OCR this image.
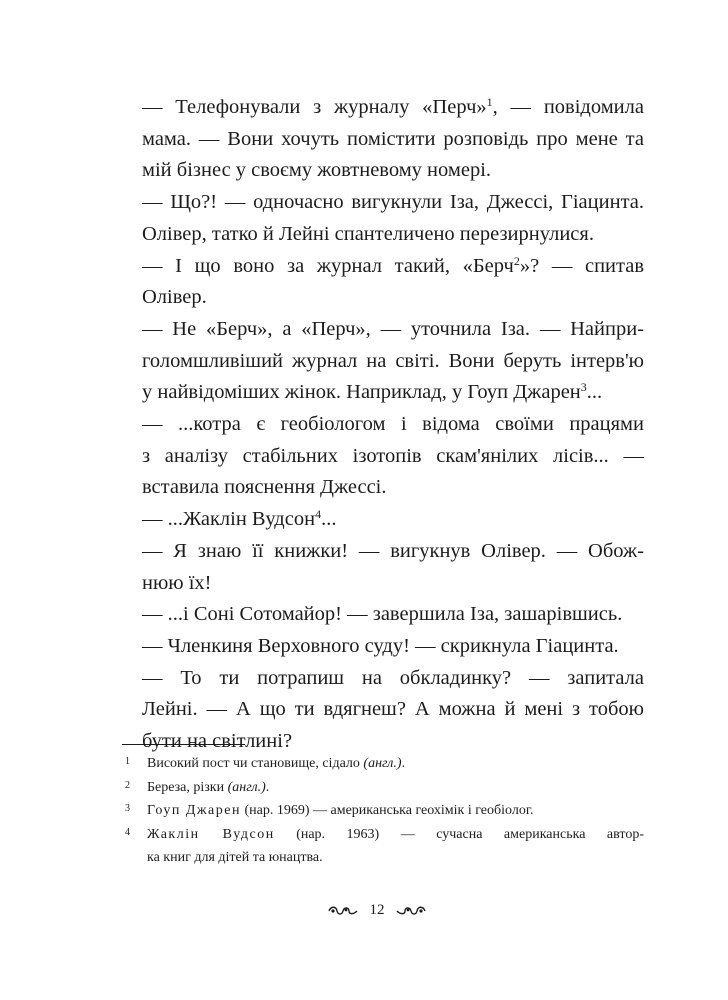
— Телефонували з журналу «Перч»$^1$, — повідомила
мама. — Вони хочуть помістити розповідь про мене та
мій бізнес у своєму жовтневому номері.

— Що?! — одночасно вигукнули Іза, Джессі, Гіацинта.
Олівер, татко й Лейні спантеличено перезирнулися.

— І що воно за журнал такий, «Берч$^2$»? — спитав
Олівер.

— Не «Берч», а «Перч», — уточнила Іза. — Найпри-
голомшливіший журнал на світі. Вони беруть інтерв'ю
у найвідоміших жінок. Наприклад, у Гоуп Джарен$^3$...

— ...котра є геобіологом і відома своїми працями
з аналізу стабільних ізотопів скам'янілих лісів... —
вставила пояснення Джессі.

— ...Жаклін Вудсон$^4$...

— Я знаю її книжки! — вигукнув Олівер. — Обож-
нюю їх!

— ...і Соні Сотомайор! — завершила Іза, зашарівшись.

— Членкиня Верховного суду! — скрикнула Гіацинта.

— То ти потрапиш на обкладинку? — запитала
Лейні. — А що ти вдягнеш? А можна й мені з тобою
бути на світлині?

1 Високий пост чи становище, сідало (англ.).
2 Береза, різки (англ.).
3 Гоуп Джарен (нар. 1969) — американська геохімік і геобіолог.
4 Жаклін Вудсон (нар. 1963) — сучасна американська автор-
ка книг для дітей та юнацтва.
12
